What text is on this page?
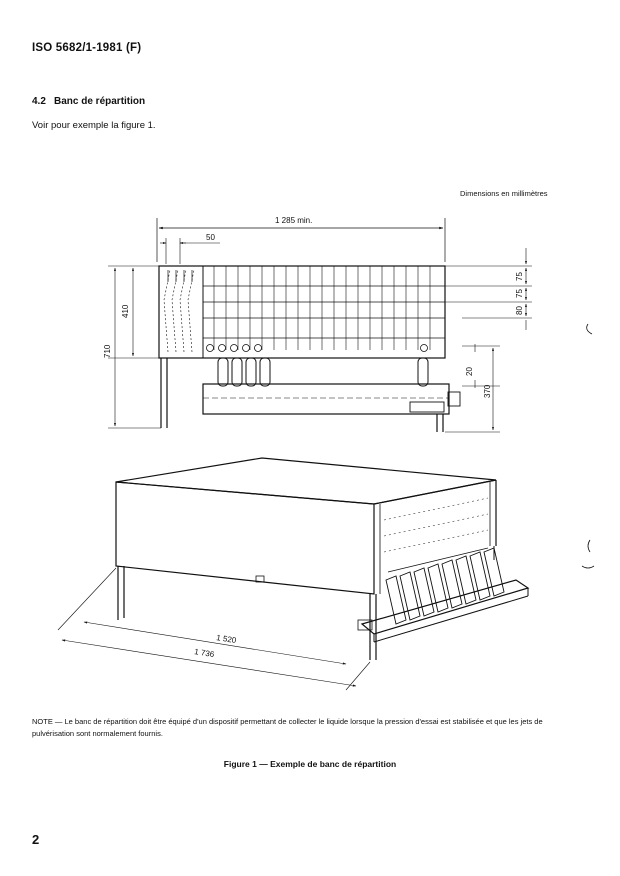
ISO 5682/1-1981 (F)
4.2 Banc de répartition
Voir pour exemple la figure 1.
Dimensions en millimètres
1 285 min.
50
410
710
75
75
80
20
370
1 520
1 736
NOTE — Le banc de répartition doit être équipé d'un dispositif permettant de collecter le liquide lorsque la pression d'essai est stabilisée et que les jets de pulvérisation sont normalement fournis.
Figure 1 — Exemple de banc de répartition
2
